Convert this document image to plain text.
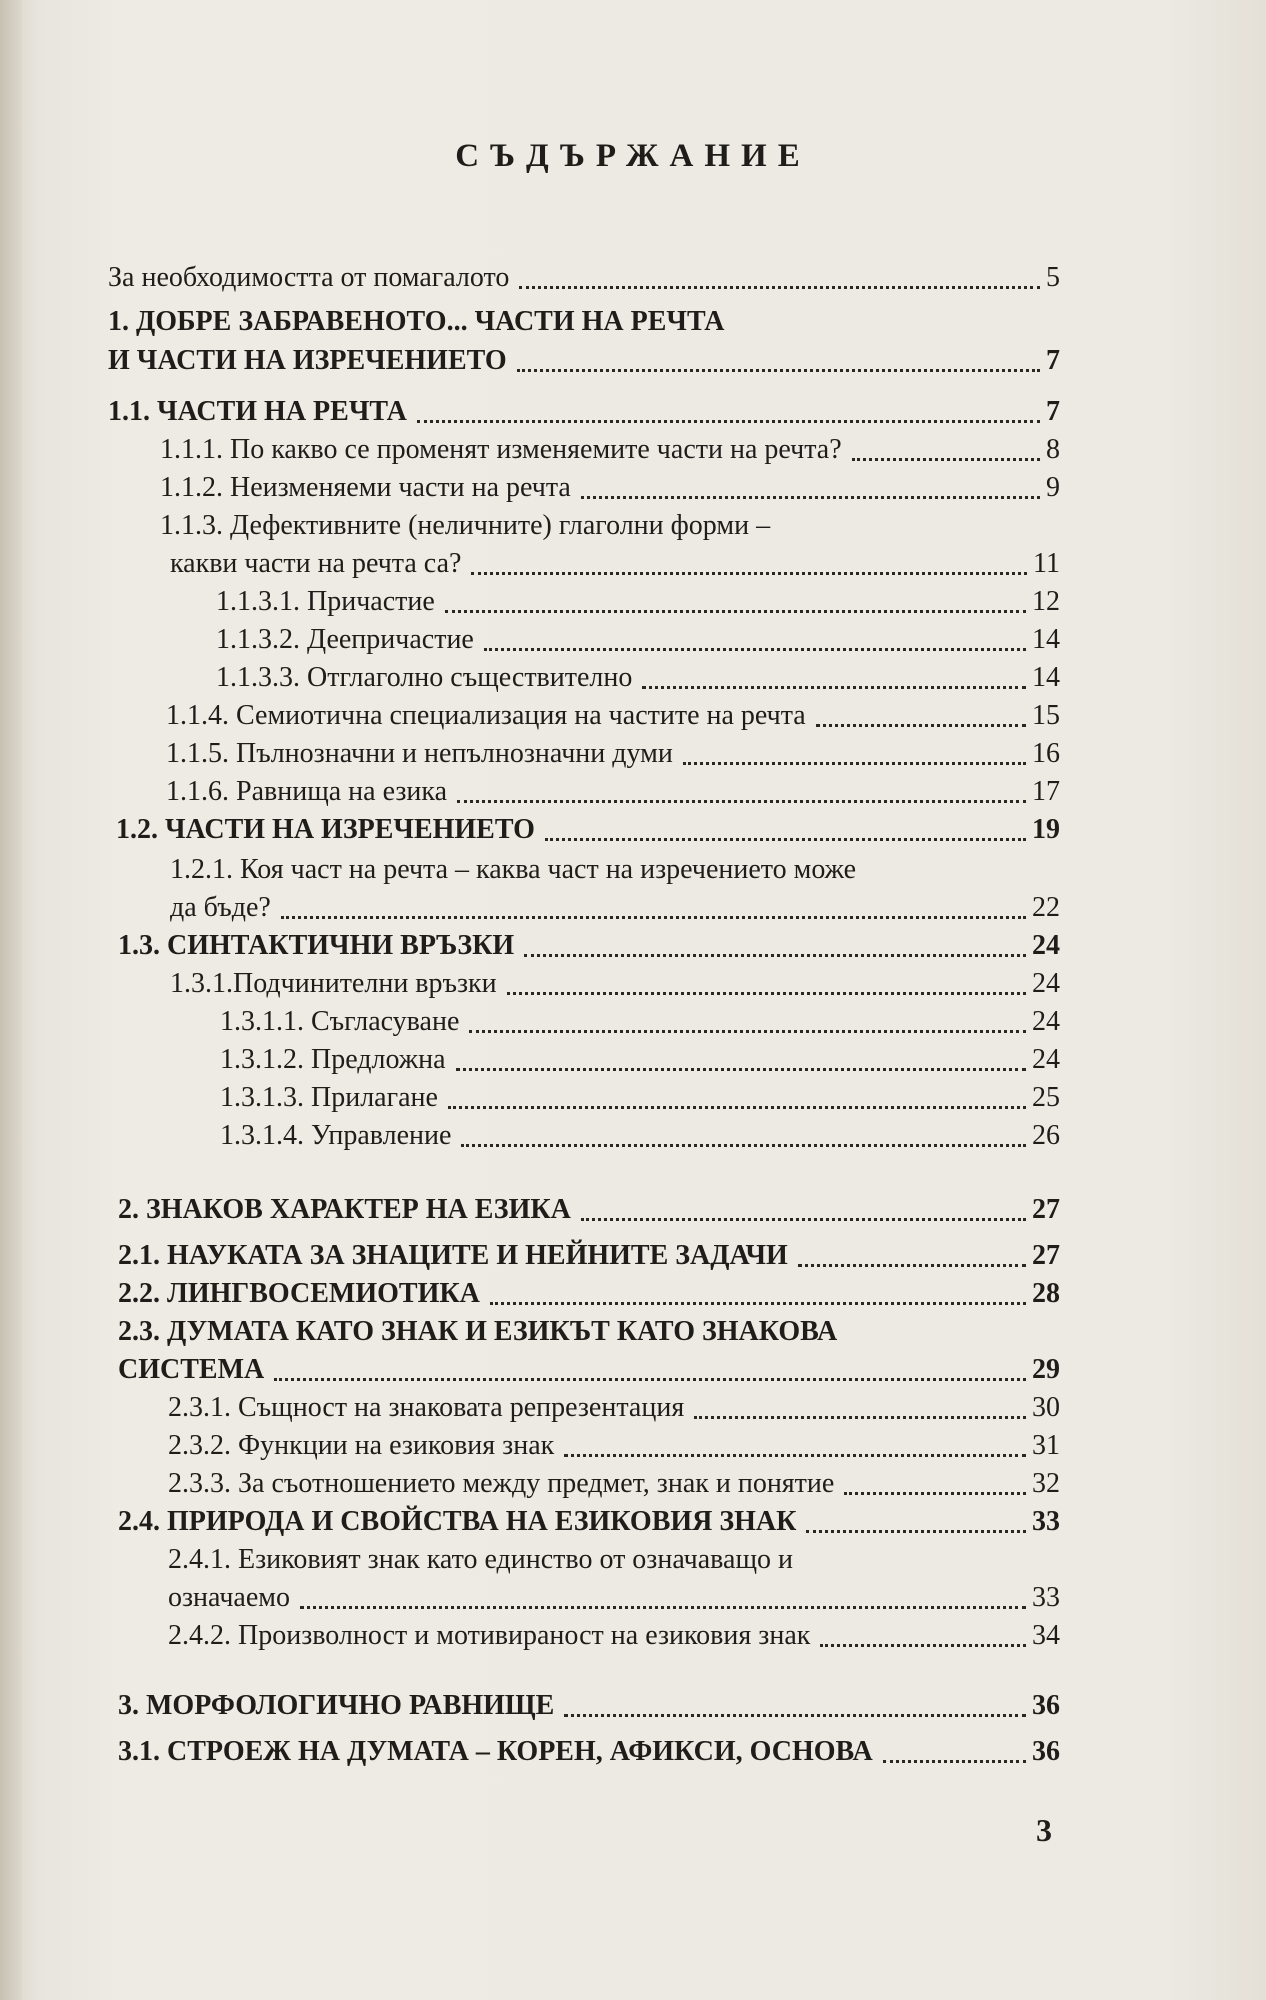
СЪДЪРЖАНИЕ
За необходимостта от помагалото	5
1. ДОБРЕ ЗАБРАВЕНОТО... ЧАСТИ НА РЕЧТА
И ЧАСТИ НА ИЗРЕЧЕНИЕТО	7
1.1. ЧАСТИ НА РЕЧТА	7
1.1.1. По какво се променят изменяемите части на речта?	8
1.1.2. Неизменяеми части на речта	9
1.1.3. Дефективните (неличните) глаголни форми –
какви части на речта са?	11
1.1.3.1. Причастие	12
1.1.3.2. Деепричастие	14
1.1.3.3. Отглаголно съществително	14
1.1.4. Семиотична специализация на частите на речта	15
1.1.5. Пълнозначни и непълнозначни думи	16
1.1.6. Равнища на езика	17
1.2. ЧАСТИ НА ИЗРЕЧЕНИЕТО	19
1.2.1. Коя част на речта – каква част на изречението може
да бъде?	22
1.3. СИНТАКТИЧНИ ВРЪЗКИ	24
1.3.1.Подчинителни връзки	24
1.3.1.1. Съгласуване	24
1.3.1.2. Предложна	24
1.3.1.3. Прилагане	25
1.3.1.4. Управление	26
2. ЗНАКОВ ХАРАКТЕР НА ЕЗИКА	27
2.1. НАУКАТА ЗА ЗНАЦИТЕ И НЕЙНИТЕ ЗАДАЧИ	27
2.2. ЛИНГВОСЕМИОТИКА	28
2.3. ДУМАТА КАТО ЗНАК И ЕЗИКЪТ КАТО ЗНАКОВА
СИСТЕМА	29
2.3.1. Същност на знаковата репрезентация	30
2.3.2. Функции на езиковия знак	31
2.3.3. За съотношението между предмет, знак и понятие	32
2.4. ПРИРОДА И СВОЙСТВА НА ЕЗИКОВИЯ ЗНАК	33
2.4.1. Езиковият знак като единство от означаващо и
означаемо	33
2.4.2. Произволност и мотивираност на езиковия знак	34
3. МОРФОЛОГИЧНО РАВНИЩЕ	36
3.1. СТРОЕЖ НА ДУМАТА – КОРЕН, АФИКСИ, ОСНОВА	36
3
